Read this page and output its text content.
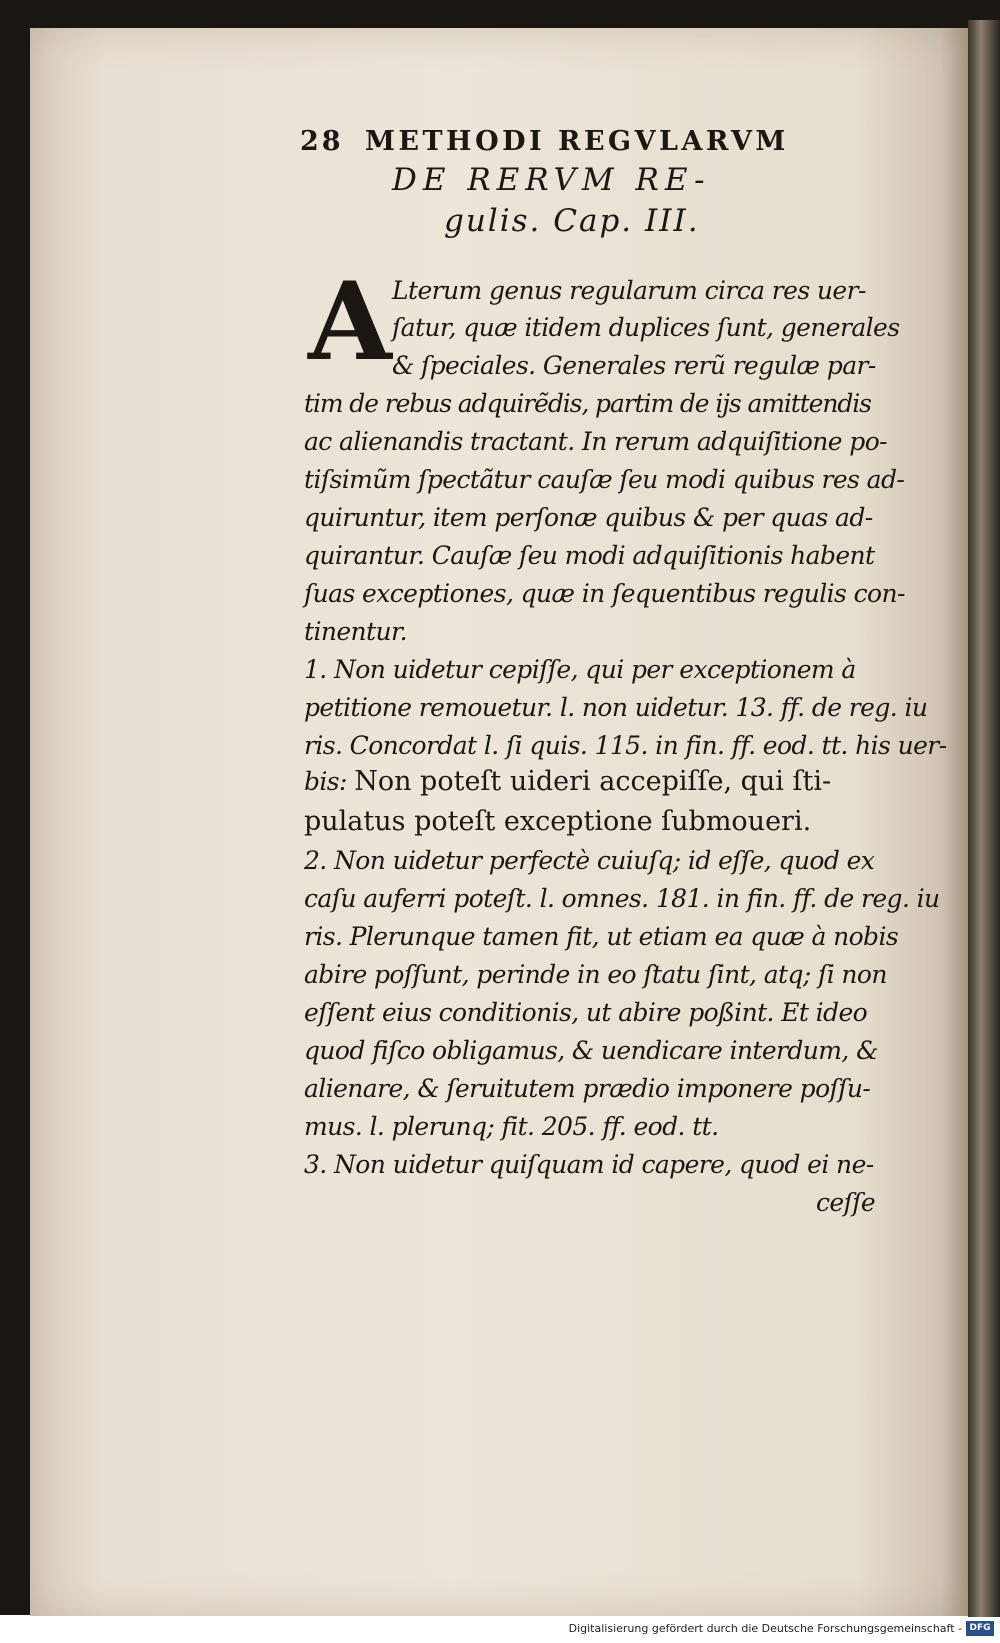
28 METHODI REGVLARVM
DE RERVM RE-
gulis. Cap. III.
A Lterum genus regularum circa res uer-
ſatur, quæ itidem duplices ſunt, generales
& ſpeciales. Generales rerũ regulæ par-
tim de rebus adquirẽdis, partim de ijs amittendis
ac alienandis tractant. In rerum adquiſitione po-
tiſsimũm ſpectãtur cauſæ ſeu modi quibus res ad-
quiruntur, item perſonæ quibus & per quas ad-
quirantur. Cauſæ ſeu modi adquiſitionis habent
ſuas exceptiones, quæ in ſequentibus regulis con-
tinentur.
1. Non uidetur cepiſſe, qui per exceptionem à
petitione remouetur. l. non uidetur. 13. ff. de reg. iu
ris. Concordat l. ſi quis. 115. in fin. ff. eod. tt. his uer-
bis: Non poteſt uideri accepiſſe, qui ſti-
pulatus poteſt exceptione ſubmoueri.
2. Non uidetur perfectè cuiuſq; id eſſe, quod ex
caſu auferri poteſt. l. omnes. 181. in fin. ff. de reg. iu
ris. Plerunque tamen fit, ut etiam ea quæ à nobis
abire poſſunt, perinde in eo ſtatu ſint, atq; ſi non
eſſent eius conditionis, ut abire poßint. Et ideo
quod fiſco obligamus, & uendicare interdum, &
alienare, & ſeruitutem prædio imponere poſſu-
mus. l. plerunq; fit. 205. ff. eod. tt.
3. Non uidetur quiſquam id capere, quod ei ne-
ceſſe
Digitalisierung gefördert durch die Deutsche Forschungsgemeinschaft - DFG
